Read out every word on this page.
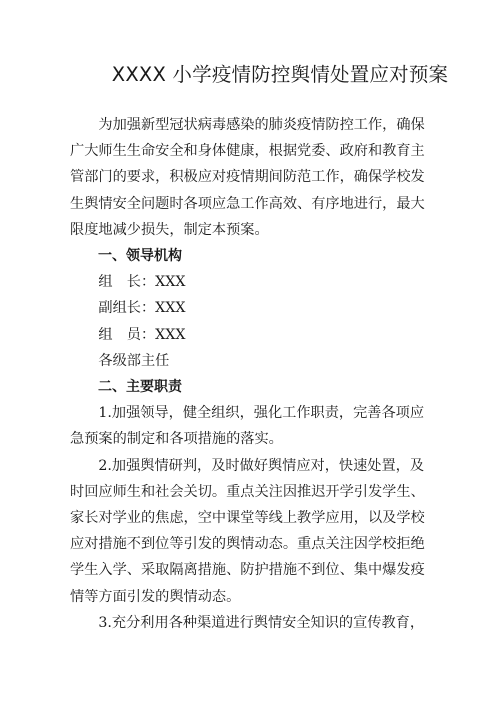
XXXX 小学疫情防控舆情处置应对预案
为加强新型冠状病毒感染的肺炎疫情防控工作，确保
广大师生生命安全和身体健康，根据党委、政府和教育主
管部门的要求，积极应对疫情期间防范工作，确保学校发
生舆情安全问题时各项应急工作高效、有序地进行，最大
限度地减少损失，制定本预案。
一、领导机构
组　长：XXX
副组长：XXX
组　员：XXX
各级部主任
二、主要职责
1.加强领导，健全组织，强化工作职责，完善各项应
急预案的制定和各项措施的落实。
2.加强舆情研判，及时做好舆情应对，快速处置，及
时回应师生和社会关切。重点关注因推迟开学引发学生、
家长对学业的焦虑，空中课堂等线上教学应用，以及学校
应对措施不到位等引发的舆情动态。重点关注因学校拒绝
学生入学、采取隔离措施、防护措施不到位、集中爆发疫
情等方面引发的舆情动态。
3.充分利用各种渠道进行舆情安全知识的宣传教育，
